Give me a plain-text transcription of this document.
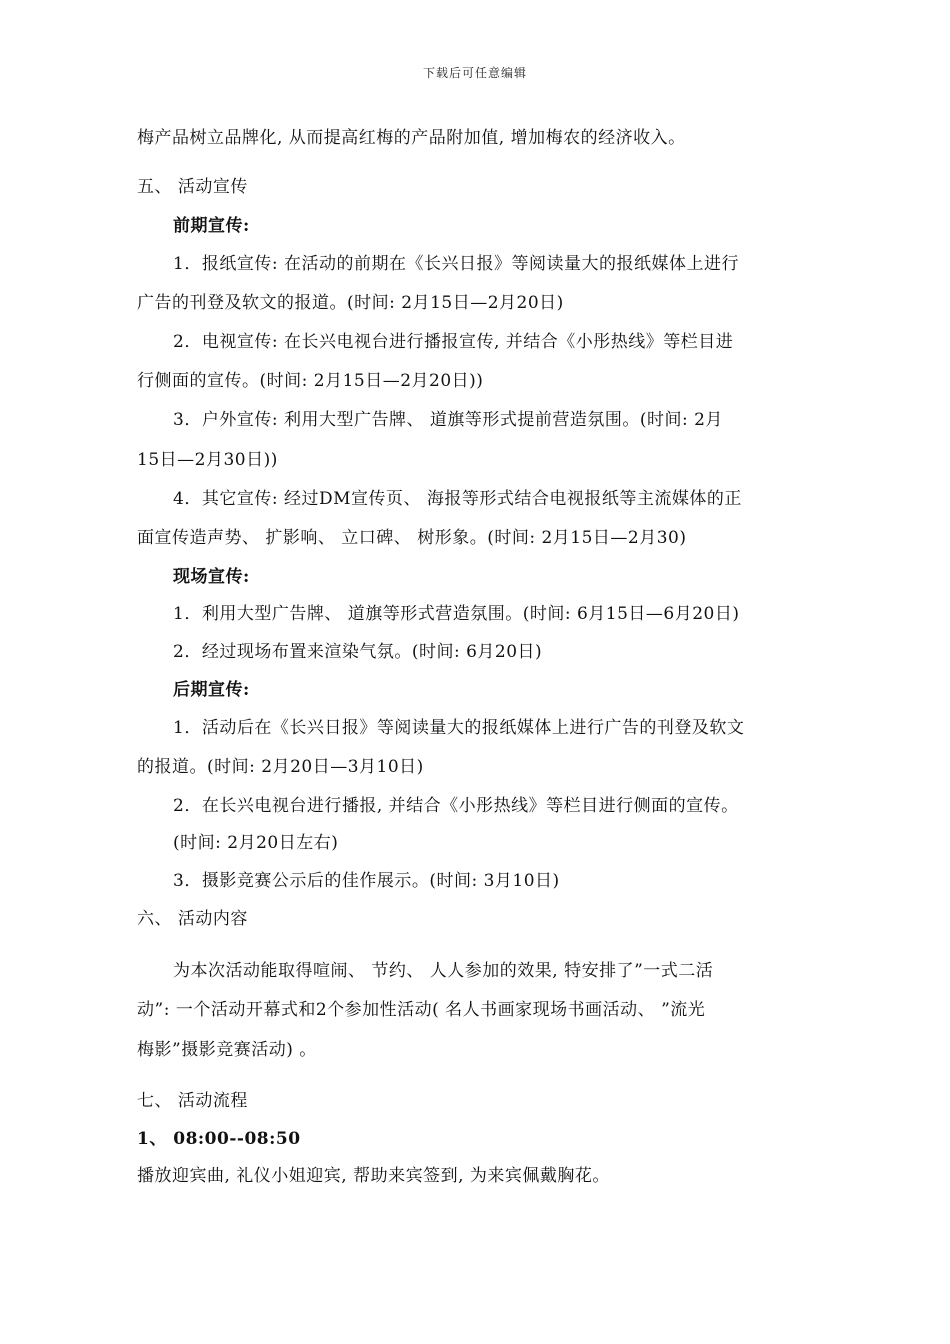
下载后可任意编辑
梅产品树立品牌化, 从而提高红梅的产品附加值, 增加梅农的经济收入。
五、 活动宣传
前期宣传:
1．报纸宣传: 在活动的前期在《长兴日报》等阅读量大的报纸媒体上进行
广告的刊登及软文的报道。(时间: 2月15日—2月20日)
2．电视宣传: 在长兴电视台进行播报宣传, 并结合《小彤热线》等栏目进
行侧面的宣传。(时间: 2月15日—2月20日))
3．户外宣传: 利用大型广告牌、 道旗等形式提前营造氛围。(时间: 2月
15日—2月30日))
4．其它宣传: 经过DM宣传页、 海报等形式结合电视报纸等主流媒体的正
面宣传造声势、 扩影响、 立口碑、 树形象。(时间: 2月15日—2月30)
现场宣传:
1．利用大型广告牌、 道旗等形式营造氛围。(时间: 6月15日—6月20日)
2．经过现场布置来渲染气氛。(时间: 6月20日)
后期宣传:
1．活动后在《长兴日报》等阅读量大的报纸媒体上进行广告的刊登及软文
的报道。(时间: 2月20日—3月10日)
2．在长兴电视台进行播报, 并结合《小彤热线》等栏目进行侧面的宣传。
(时间: 2月20日左右)
3．摄影竞赛公示后的佳作展示。(时间: 3月10日)
六、 活动内容
为本次活动能取得喧闹、 节约、 人人参加的效果, 特安排了”一式二活
动”: 一个活动开幕式和2个参加性活动( 名人书画家现场书画活动、 ”流光
梅影”摄影竞赛活动) 。
七、 活动流程
1、 08:00--08:50
播放迎宾曲, 礼仪小姐迎宾, 帮助来宾签到, 为来宾佩戴胸花。
